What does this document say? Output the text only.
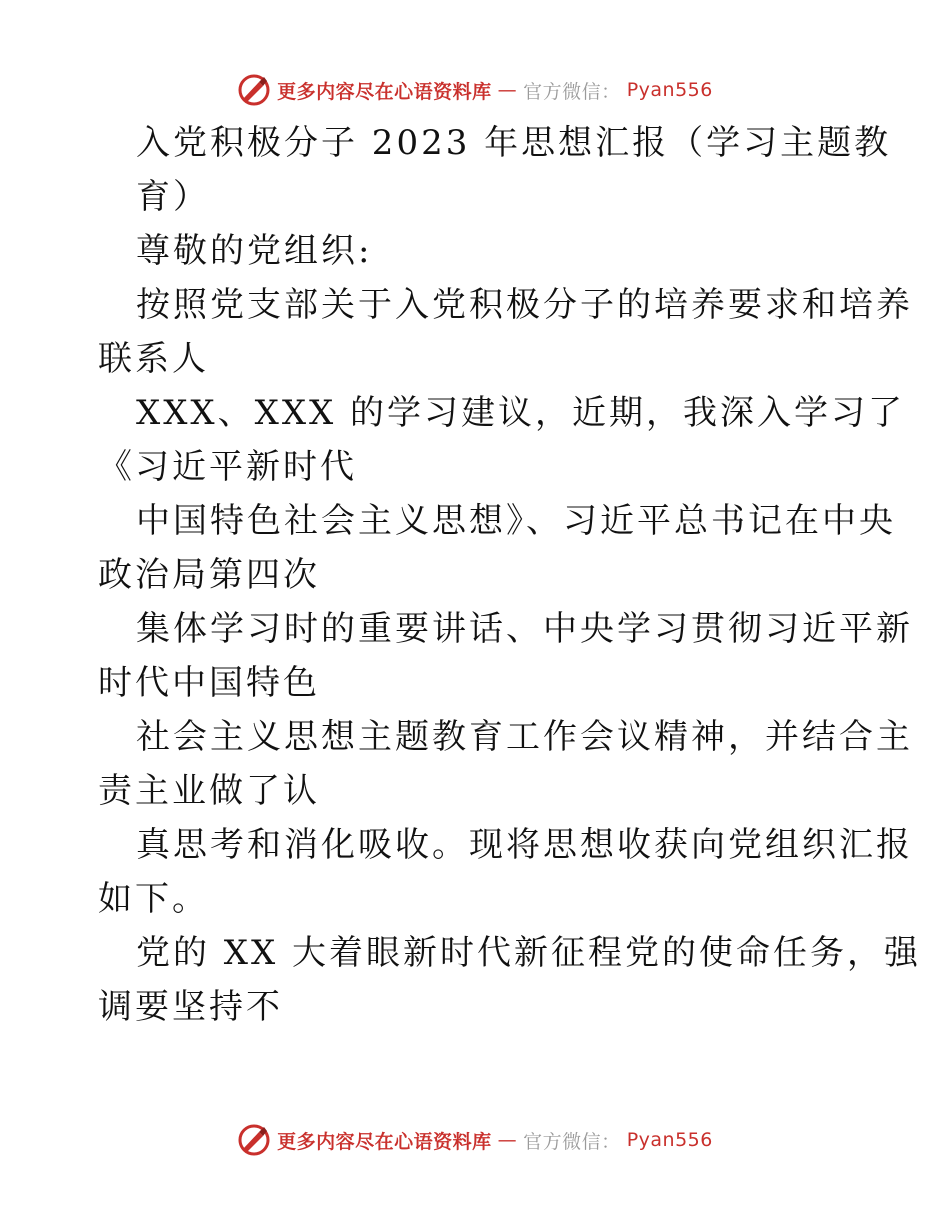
更多内容尽在心语资料库 — 官方微信： Pyan556
入党积极分子 2023 年思想汇报（学习主题教
育）
尊敬的党组织:
按照党支部关于入党积极分子的培养要求和培养
联系人
XXX、XXX 的学习建议，近期，我深入学习了
《习近平新时代
中国特色社会主义思想》、习近平总书记在中央
政治局第四次
集体学习时的重要讲话、中央学习贯彻习近平新
时代中国特色
社会主义思想主题教育工作会议精神，并结合主
责主业做了认
真思考和消化吸收。现将思想收获向党组织汇报
如下。
党的 XX 大着眼新时代新征程党的使命任务，强
调要坚持不
更多内容尽在心语资料库 — 官方微信： Pyan556
